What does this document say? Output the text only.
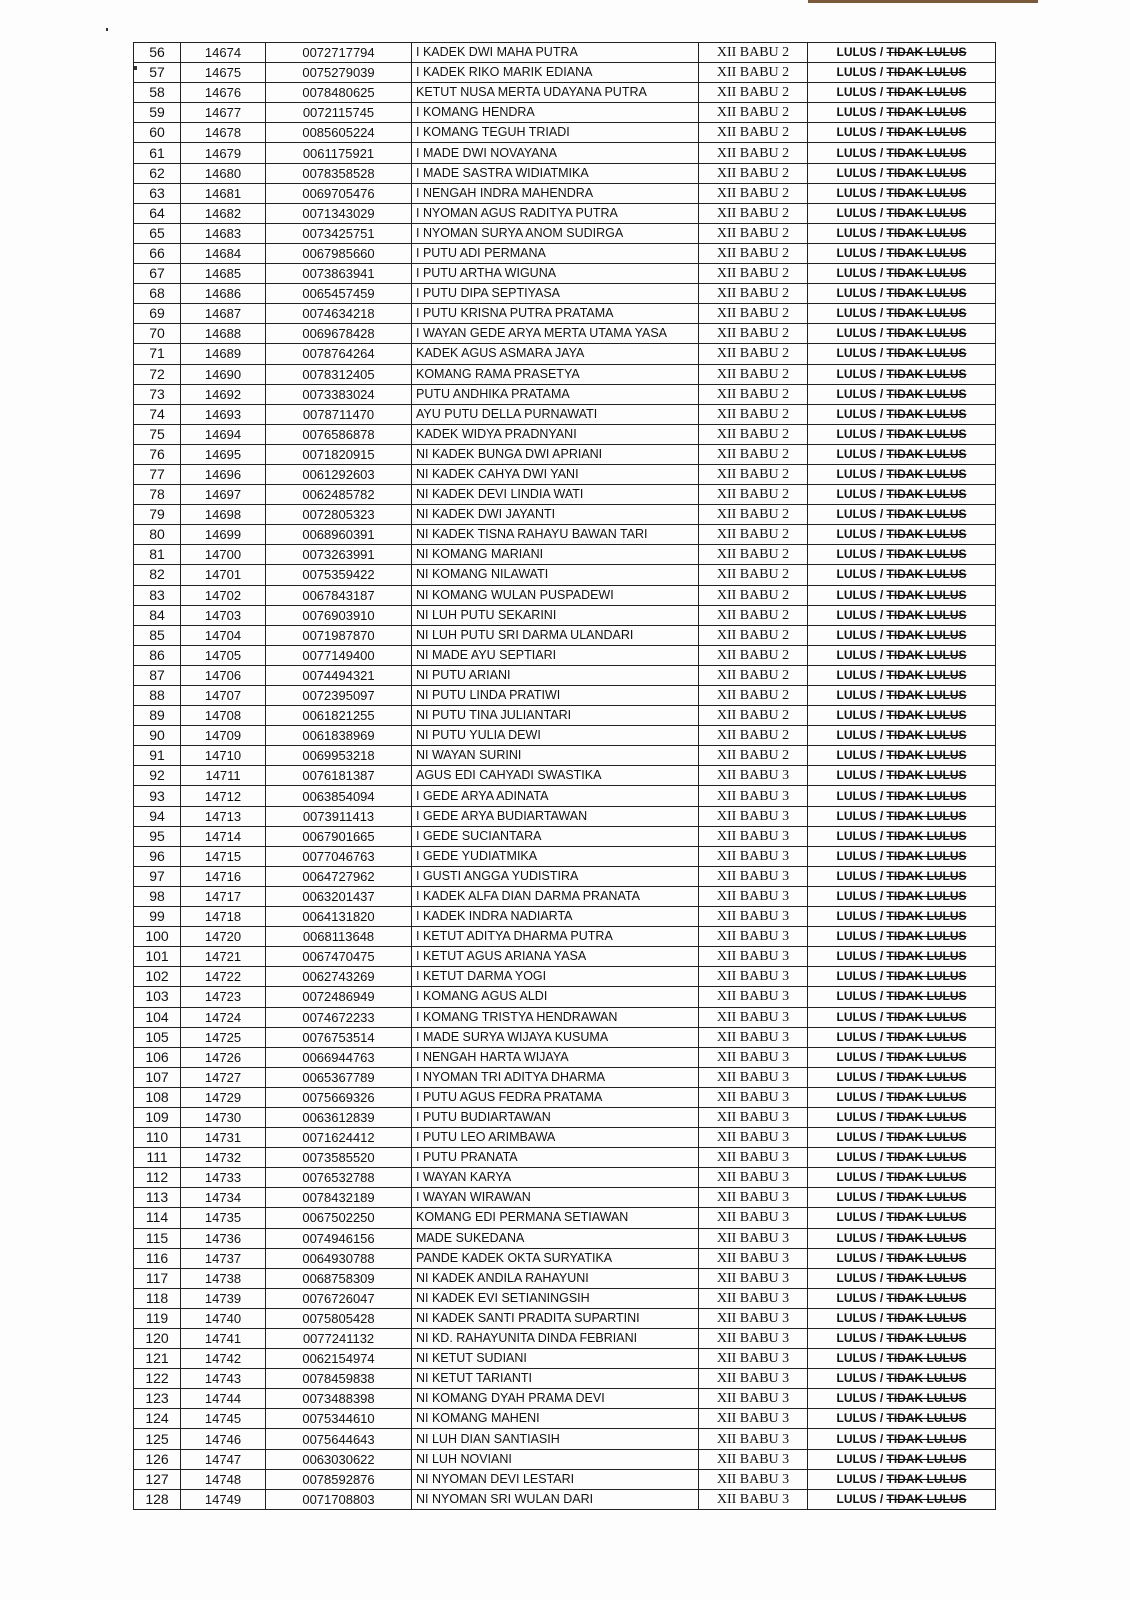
56	14674	0072717794	I KADEK DWI MAHA PUTRA	XII BABU 2	LULUS / TIDAK LULUS
57	14675	0075279039	I KADEK RIKO MARIK EDIANA	XII BABU 2	LULUS / TIDAK LULUS
58	14676	0078480625	KETUT NUSA MERTA UDAYANA PUTRA	XII BABU 2	LULUS / TIDAK LULUS
59	14677	0072115745	I KOMANG HENDRA	XII BABU 2	LULUS / TIDAK LULUS
60	14678	0085605224	I KOMANG TEGUH TRIADI	XII BABU 2	LULUS / TIDAK LULUS
61	14679	0061175921	I MADE DWI NOVAYANA	XII BABU 2	LULUS / TIDAK LULUS
62	14680	0078358528	I MADE SASTRA WIDIATMIKA	XII BABU 2	LULUS / TIDAK LULUS
63	14681	0069705476	I NENGAH INDRA MAHENDRA	XII BABU 2	LULUS / TIDAK LULUS
64	14682	0071343029	I NYOMAN AGUS RADITYA PUTRA	XII BABU 2	LULUS / TIDAK LULUS
65	14683	0073425751	I NYOMAN SURYA ANOM SUDIRGA	XII BABU 2	LULUS / TIDAK LULUS
66	14684	0067985660	I PUTU ADI PERMANA	XII BABU 2	LULUS / TIDAK LULUS
67	14685	0073863941	I PUTU ARTHA WIGUNA	XII BABU 2	LULUS / TIDAK LULUS
68	14686	0065457459	I PUTU DIPA SEPTIYASA	XII BABU 2	LULUS / TIDAK LULUS
69	14687	0074634218	I PUTU KRISNA PUTRA PRATAMA	XII BABU 2	LULUS / TIDAK LULUS
70	14688	0069678428	I WAYAN GEDE ARYA MERTA UTAMA YASA	XII BABU 2	LULUS / TIDAK LULUS
71	14689	0078764264	KADEK AGUS ASMARA JAYA	XII BABU 2	LULUS / TIDAK LULUS
72	14690	0078312405	KOMANG RAMA PRASETYA	XII BABU 2	LULUS / TIDAK LULUS
73	14692	0073383024	PUTU ANDHIKA PRATAMA	XII BABU 2	LULUS / TIDAK LULUS
74	14693	0078711470	AYU PUTU DELLA PURNAWATI	XII BABU 2	LULUS / TIDAK LULUS
75	14694	0076586878	KADEK WIDYA PRADNYANI	XII BABU 2	LULUS / TIDAK LULUS
76	14695	0071820915	NI KADEK BUNGA DWI APRIANI	XII BABU 2	LULUS / TIDAK LULUS
77	14696	0061292603	NI KADEK CAHYA DWI YANI	XII BABU 2	LULUS / TIDAK LULUS
78	14697	0062485782	NI KADEK DEVI LINDIA WATI	XII BABU 2	LULUS / TIDAK LULUS
79	14698	0072805323	NI KADEK DWI JAYANTI	XII BABU 2	LULUS / TIDAK LULUS
80	14699	0068960391	NI KADEK TISNA RAHAYU BAWAN TARI	XII BABU 2	LULUS / TIDAK LULUS
81	14700	0073263991	NI KOMANG MARIANI	XII BABU 2	LULUS / TIDAK LULUS
82	14701	0075359422	NI KOMANG NILAWATI	XII BABU 2	LULUS / TIDAK LULUS
83	14702	0067843187	NI KOMANG WULAN PUSPADEWI	XII BABU 2	LULUS / TIDAK LULUS
84	14703	0076903910	NI LUH PUTU SEKARINI	XII BABU 2	LULUS / TIDAK LULUS
85	14704	0071987870	NI LUH PUTU SRI DARMA ULANDARI	XII BABU 2	LULUS / TIDAK LULUS
86	14705	0077149400	NI MADE AYU SEPTIARI	XII BABU 2	LULUS / TIDAK LULUS
87	14706	0074494321	NI PUTU ARIANI	XII BABU 2	LULUS / TIDAK LULUS
88	14707	0072395097	NI PUTU LINDA PRATIWI	XII BABU 2	LULUS / TIDAK LULUS
89	14708	0061821255	NI PUTU TINA JULIANTARI	XII BABU 2	LULUS / TIDAK LULUS
90	14709	0061838969	NI PUTU YULIA DEWI	XII BABU 2	LULUS / TIDAK LULUS
91	14710	0069953218	NI WAYAN SURINI	XII BABU 2	LULUS / TIDAK LULUS
92	14711	0076181387	AGUS EDI CAHYADI SWASTIKA	XII BABU 3	LULUS / TIDAK LULUS
93	14712	0063854094	I GEDE ARYA ADINATA	XII BABU 3	LULUS / TIDAK LULUS
94	14713	0073911413	I GEDE ARYA BUDIARTAWAN	XII BABU 3	LULUS / TIDAK LULUS
95	14714	0067901665	I GEDE SUCIANTARA	XII BABU 3	LULUS / TIDAK LULUS
96	14715	0077046763	I GEDE YUDIATMIKA	XII BABU 3	LULUS / TIDAK LULUS
97	14716	0064727962	I GUSTI ANGGA YUDISTIRA	XII BABU 3	LULUS / TIDAK LULUS
98	14717	0063201437	I KADEK ALFA DIAN DARMA PRANATA	XII BABU 3	LULUS / TIDAK LULUS
99	14718	0064131820	I KADEK INDRA NADIARTA	XII BABU 3	LULUS / TIDAK LULUS
100	14720	0068113648	I KETUT ADITYA DHARMA PUTRA	XII BABU 3	LULUS / TIDAK LULUS
101	14721	0067470475	I KETUT AGUS ARIANA YASA	XII BABU 3	LULUS / TIDAK LULUS
102	14722	0062743269	I KETUT DARMA YOGI	XII BABU 3	LULUS / TIDAK LULUS
103	14723	0072486949	I KOMANG AGUS ALDI	XII BABU 3	LULUS / TIDAK LULUS
104	14724	0074672233	I KOMANG TRISTYA HENDRAWAN	XII BABU 3	LULUS / TIDAK LULUS
105	14725	0076753514	I MADE SURYA WIJAYA KUSUMA	XII BABU 3	LULUS / TIDAK LULUS
106	14726	0066944763	I NENGAH HARTA WIJAYA	XII BABU 3	LULUS / TIDAK LULUS
107	14727	0065367789	I NYOMAN TRI ADITYA DHARMA	XII BABU 3	LULUS / TIDAK LULUS
108	14729	0075669326	I PUTU AGUS FEDRA PRATAMA	XII BABU 3	LULUS / TIDAK LULUS
109	14730	0063612839	I PUTU BUDIARTAWAN	XII BABU 3	LULUS / TIDAK LULUS
110	14731	0071624412	I PUTU LEO ARIMBAWA	XII BABU 3	LULUS / TIDAK LULUS
111	14732	0073585520	I PUTU PRANATA	XII BABU 3	LULUS / TIDAK LULUS
112	14733	0076532788	I WAYAN KARYA	XII BABU 3	LULUS / TIDAK LULUS
113	14734	0078432189	I WAYAN WIRAWAN	XII BABU 3	LULUS / TIDAK LULUS
114	14735	0067502250	KOMANG EDI PERMANA SETIAWAN	XII BABU 3	LULUS / TIDAK LULUS
115	14736	0074946156	MADE SUKEDANA	XII BABU 3	LULUS / TIDAK LULUS
116	14737	0064930788	PANDE KADEK OKTA SURYATIKA	XII BABU 3	LULUS / TIDAK LULUS
117	14738	0068758309	NI KADEK ANDILA RAHAYUNI	XII BABU 3	LULUS / TIDAK LULUS
118	14739	0076726047	NI KADEK EVI SETIANINGSIH	XII BABU 3	LULUS / TIDAK LULUS
119	14740	0075805428	NI KADEK SANTI PRADITA SUPARTINI	XII BABU 3	LULUS / TIDAK LULUS
120	14741	0077241132	NI KD. RAHAYUNITA DINDA FEBRIANI	XII BABU 3	LULUS / TIDAK LULUS
121	14742	0062154974	NI KETUT SUDIANI	XII BABU 3	LULUS / TIDAK LULUS
122	14743	0078459838	NI KETUT TARIANTI	XII BABU 3	LULUS / TIDAK LULUS
123	14744	0073488398	NI KOMANG DYAH PRAMA DEVI	XII BABU 3	LULUS / TIDAK LULUS
124	14745	0075344610	NI KOMANG MAHENI	XII BABU 3	LULUS / TIDAK LULUS
125	14746	0075644643	NI LUH DIAN SANTIASIH	XII BABU 3	LULUS / TIDAK LULUS
126	14747	0063030622	NI LUH NOVIANI	XII BABU 3	LULUS / TIDAK LULUS
127	14748	0078592876	NI NYOMAN DEVI LESTARI	XII BABU 3	LULUS / TIDAK LULUS
128	14749	0071708803	NI NYOMAN SRI WULAN DARI	XII BABU 3	LULUS / TIDAK LULUS
